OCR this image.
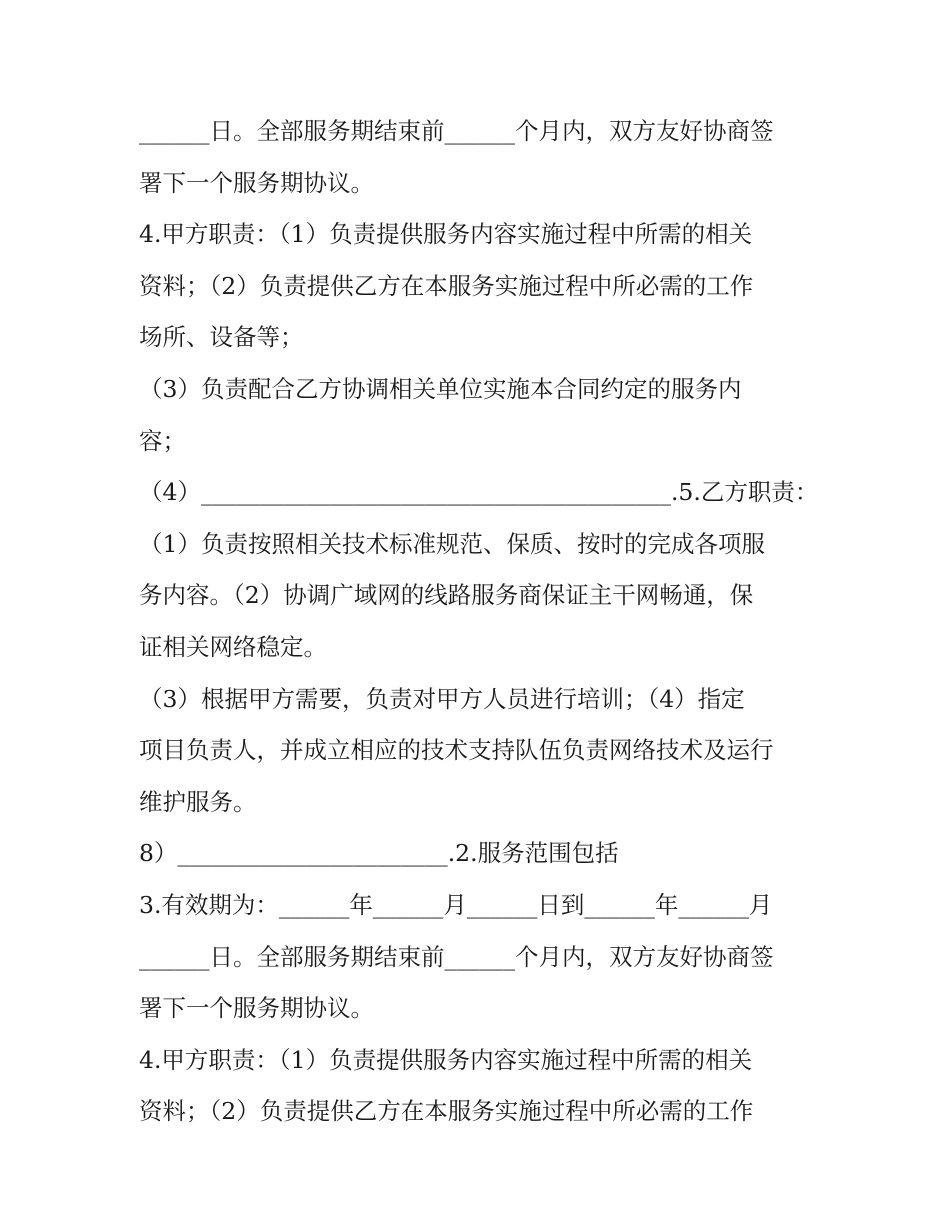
______日。全部服务期结束前______个月内，双方友好协商签

署下一个服务期协议。

4.甲方职责：（1）负责提供服务内容实施过程中所需的相关

资料；（2）负责提供乙方在本服务实施过程中所必需的工作

场所、设备等；

（3）负责配合乙方协调相关单位实施本合同约定的服务内

容；

（4）________________________________________.5.乙方职责：

（1）负责按照相关技术标准规范、保质、按时的完成各项服

务内容。（2）协调广域网的线路服务商保证主干网畅通，保

证相关网络稳定。

（3）根据甲方需要，负责对甲方人员进行培训；（4）指定

项目负责人，并成立相应的技术支持队伍负责网络技术及运行

维护服务。

8）_______________________.2.服务范围包括

3.有效期为：______年______月______日到______年______月

______日。全部服务期结束前______个月内，双方友好协商签

署下一个服务期协议。

4.甲方职责：（1）负责提供服务内容实施过程中所需的相关

资料；（2）负责提供乙方在本服务实施过程中所必需的工作
